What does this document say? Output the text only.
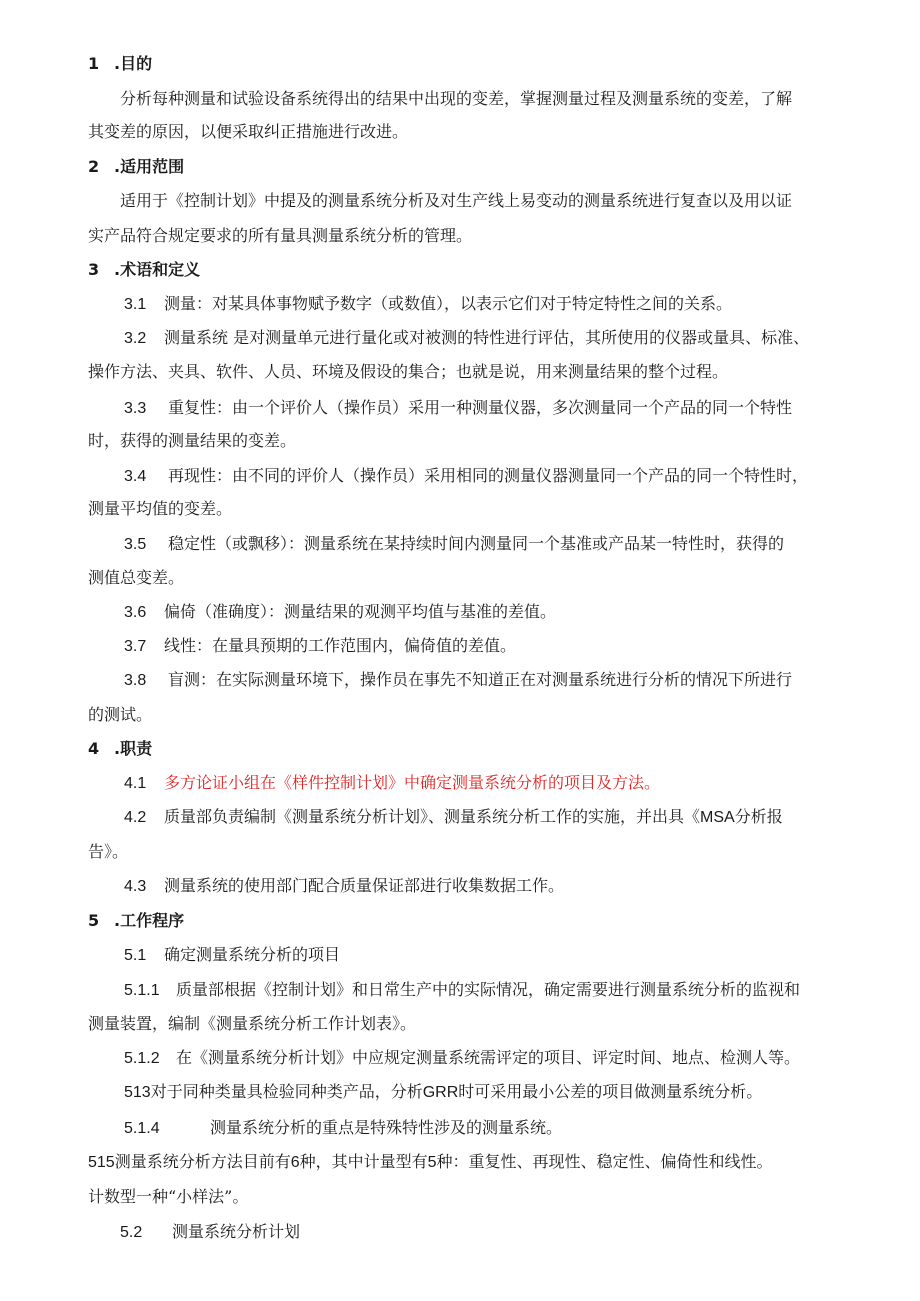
1 .目的
分析每种测量和试验设备系统得出的结果中出现的变差，掌握测量过程及测量系统的变差，了解
其变差的原因，以便采取纠正措施进行改进。
2 .适用范围
适用于《控制计划》中提及的测量系统分析及对生产线上易变动的测量系统进行复查以及用以证
实产品符合规定要求的所有量具测量系统分析的管理。
3 .术语和定义
3.1 测量：对某具体事物赋予数字（或数值），以表示它们对于特定特性之间的关系。
3.2 测量系统 是对测量单元进行量化或对被测的特性进行评估，其所使用的仪器或量具、标准、
操作方法、夹具、软件、人员、环境及假设的集合；也就是说，用来测量结果的整个过程。
3.3 重复性：由一个评价人（操作员）采用一种测量仪器，多次测量同一个产品的同一个特性
时，获得的测量结果的变差。
3.4 再现性：由不同的评价人（操作员）采用相同的测量仪器测量同一个产品的同一个特性时，
测量平均值的变差。
3.5 稳定性（或飘移）：测量系统在某持续时间内测量同一个基准或产品某一特性时，获得的
测值总变差。
3.6 偏倚（准确度）：测量结果的观测平均值与基准的差值。
3.7 线性：在量具预期的工作范围内，偏倚值的差值。
3.8 盲测：在实际测量环境下，操作员在事先不知道正在对测量系统进行分析的情况下所进行
的测试。
4 .职责
4.1 多方论证小组在《样件控制计划》中确定测量系统分析的项目及方法。
4.2 质量部负责编制《测量系统分析计划》、测量系统分析工作的实施，并出具《MSA分析报
告》。
4.3 测量系统的使用部门配合质量保证部进行收集数据工作。
5 .工作程序
5.1 确定测量系统分析的项目
5.1.1 质量部根据《控制计划》和日常生产中的实际情况，确定需要进行测量系统分析的监视和
测量装置，编制《测量系统分析工作计划表》。
5.1.2 在《测量系统分析计划》中应规定测量系统需评定的项目、评定时间、地点、检测人等。
513对于同种类量具检验同种类产品，分析GRR时可采用最小公差的项目做测量系统分析。
5.1.4	测量系统分析的重点是特殊特性涉及的测量系统。
515测量系统分析方法目前有6种，其中计量型有5种：重复性、再现性、稳定性、偏倚性和线性。
计数型一种“小样法”。
5.2 测量系统分析计划
